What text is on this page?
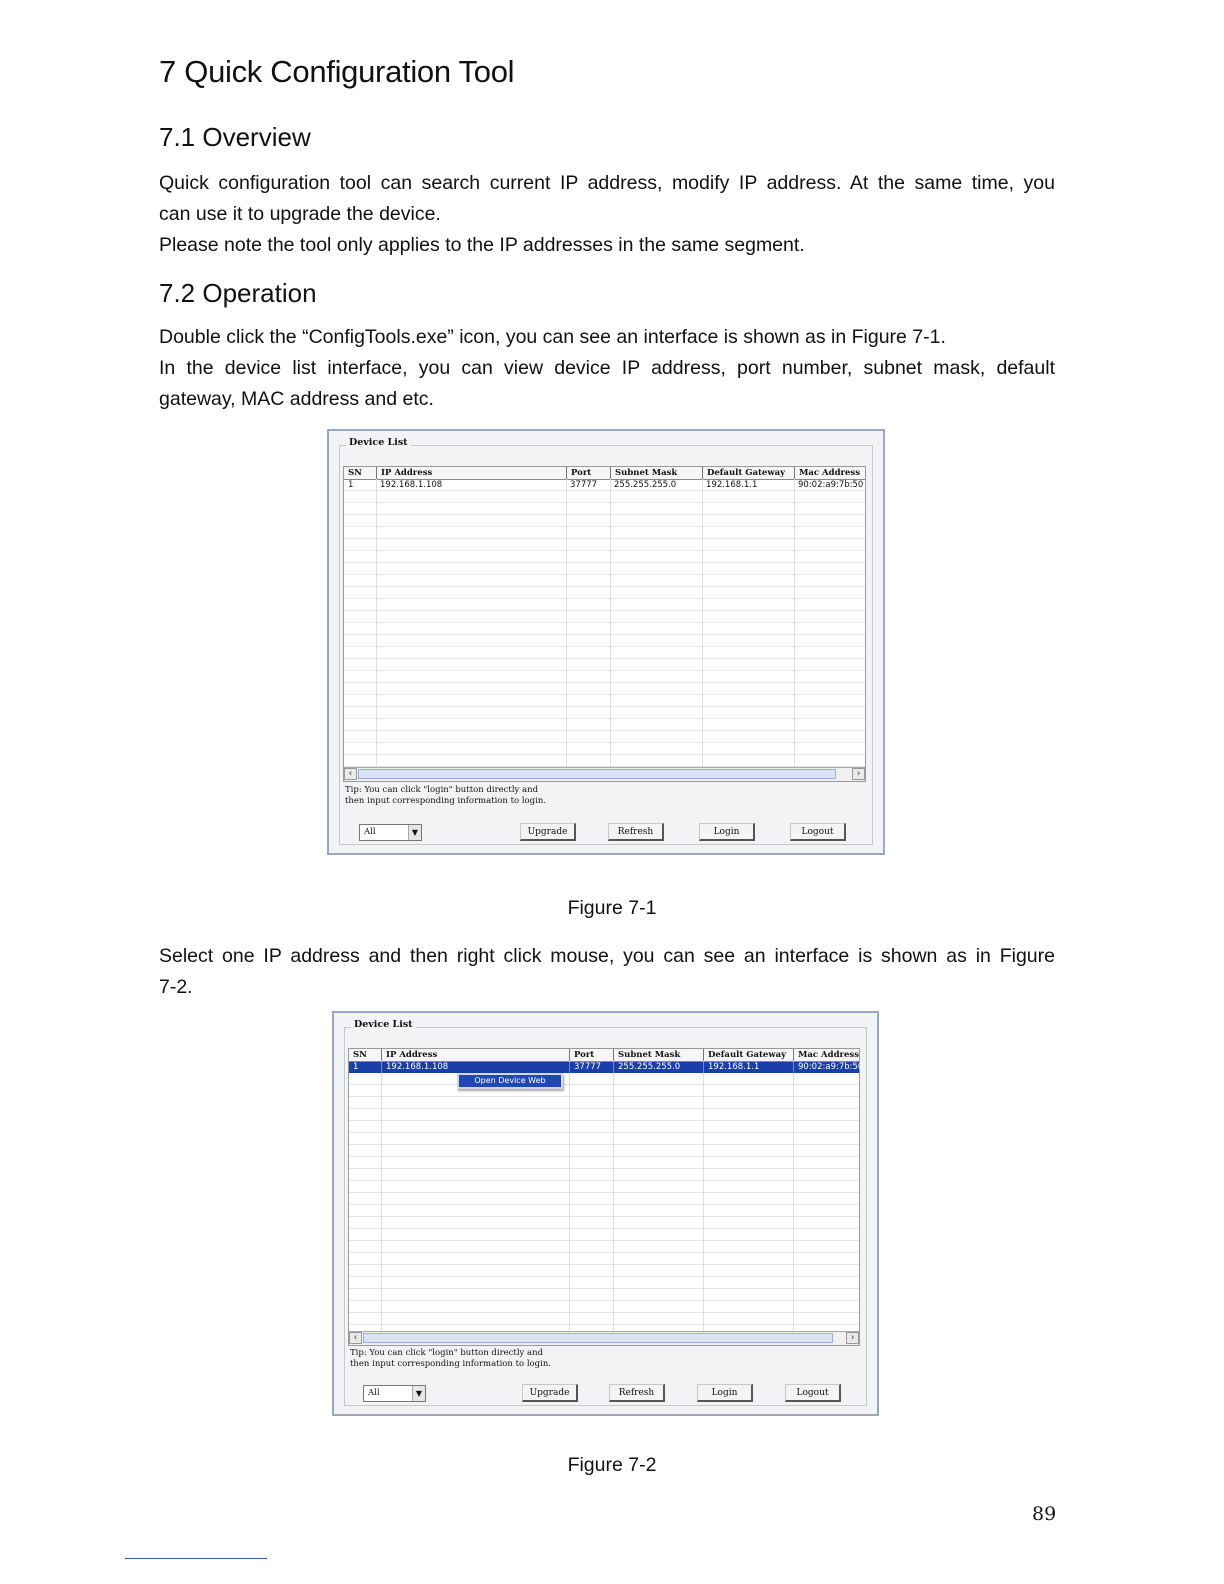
7 Quick Configuration Tool
7.1 Overview

Quick configuration tool can search current IP address, modify IP address. At the same time, you

can use it to upgrade the device.

Please note the tool only applies to the IP addresses in the same segment.

7.2 Operation

Double click the “ConfigTools.exe” icon, you can see an interface is shown as in Figure 7-1.

In the device list interface, you can view device IP address, port number, subnet mask, default

gateway, MAC address and etc.

Device List
SN	IP Address	Port	Subnet Mask	Default Gateway	Mac Address
1	192.168.1.108	37777	255.255.255.0	192.168.1.1	90:02:a9:7b:50
‹	›
Tip: You can click "login" button directly and
then input corresponding information to login.
All	▼	Upgrade	Refresh	Login	Logout
Figure 7-1

Select one IP address and then right click mouse, you can see an interface is shown as in Figure

7-2.

Device List
SN	IP Address	Port	Subnet Mask	Default Gateway	Mac Address
1	192.168.1.108	37777	255.255.255.0	192.168.1.1	90:02:a9:7b:50
Open Device Web
‹	›
Tip: You can click "login" button directly and
then input corresponding information to login.
All	▼	Upgrade	Refresh	Login	Logout
Figure 7-2
89
